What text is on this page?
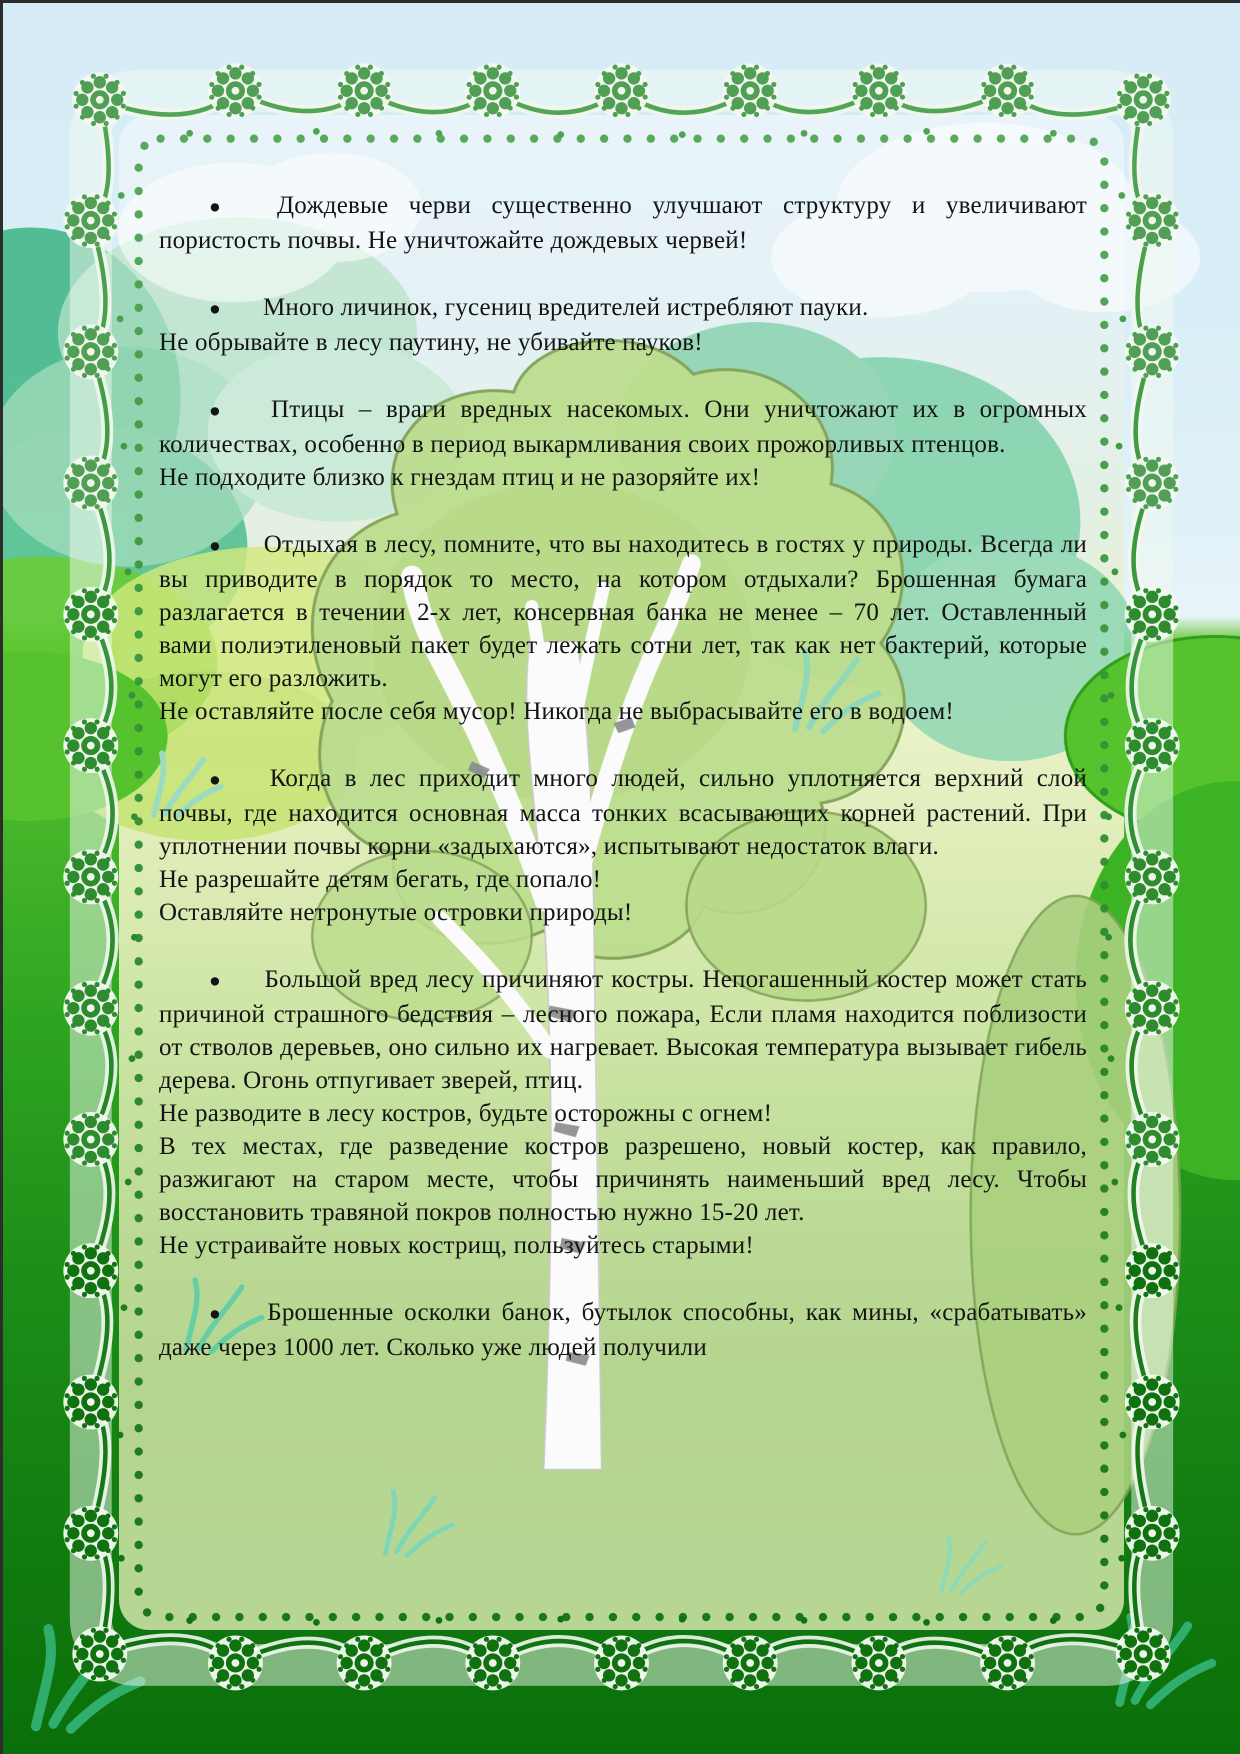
● Дождевые черви существенно улучшают структуру и увеличивают пористость почвы. Не уничтожайте дождевых червей!

● Много личинок, гусениц вредителей истребляют пауки.

Не обрывайте в лесу паутину, не убивайте пауков!

● Птицы – враги вредных насекомых. Они уничтожают их в огромных количествах, особенно в период выкармливания своих прожорливых птенцов.

Не подходите близко к гнездам птиц и не разоряйте их!

● Отдыхая в лесу, помните, что вы находитесь в гостях у природы. Всегда ли вы приводите в порядок то место, на котором отдыхали? Брошенная бумага разлагается в течении 2-х лет, консервная банка не менее – 70 лет. Оставленный вами полиэтиленовый пакет будет лежать сотни лет, так как нет бактерий, которые могут его разложить.

Не оставляйте после себя мусор! Никогда не выбрасывайте его в водоем!

● Когда в лес приходит много людей, сильно уплотняется верхний слой почвы, где находится основная масса тонких всасывающих корней растений. При уплотнении почвы корни «задыхаются», испытывают недостаток влаги.

Не разрешайте детям бегать, где попало!

Оставляйте нетронутые островки природы!

● Большой вред лесу причиняют костры. Непогашенный костер может стать причиной страшного бедствия – лесного пожара, Если пламя находится поблизости от стволов деревьев, оно сильно их нагревает. Высокая температура вызывает гибель дерева. Огонь отпугивает зверей, птиц.

Не разводите в лесу костров, будьте осторожны с огнем!

В тех местах, где разведение костров разрешено, новый костер, как правило, разжигают на старом месте, чтобы причинять наименьший вред лесу. Чтобы восстановить травяной покров полностью нужно 15-20 лет.

Не устраивайте новых кострищ, пользуйтесь старыми!

● Брошенные осколки банок, бутылок способны, как мины, «срабатывать» даже через 1000 лет. Сколько уже людей получили
